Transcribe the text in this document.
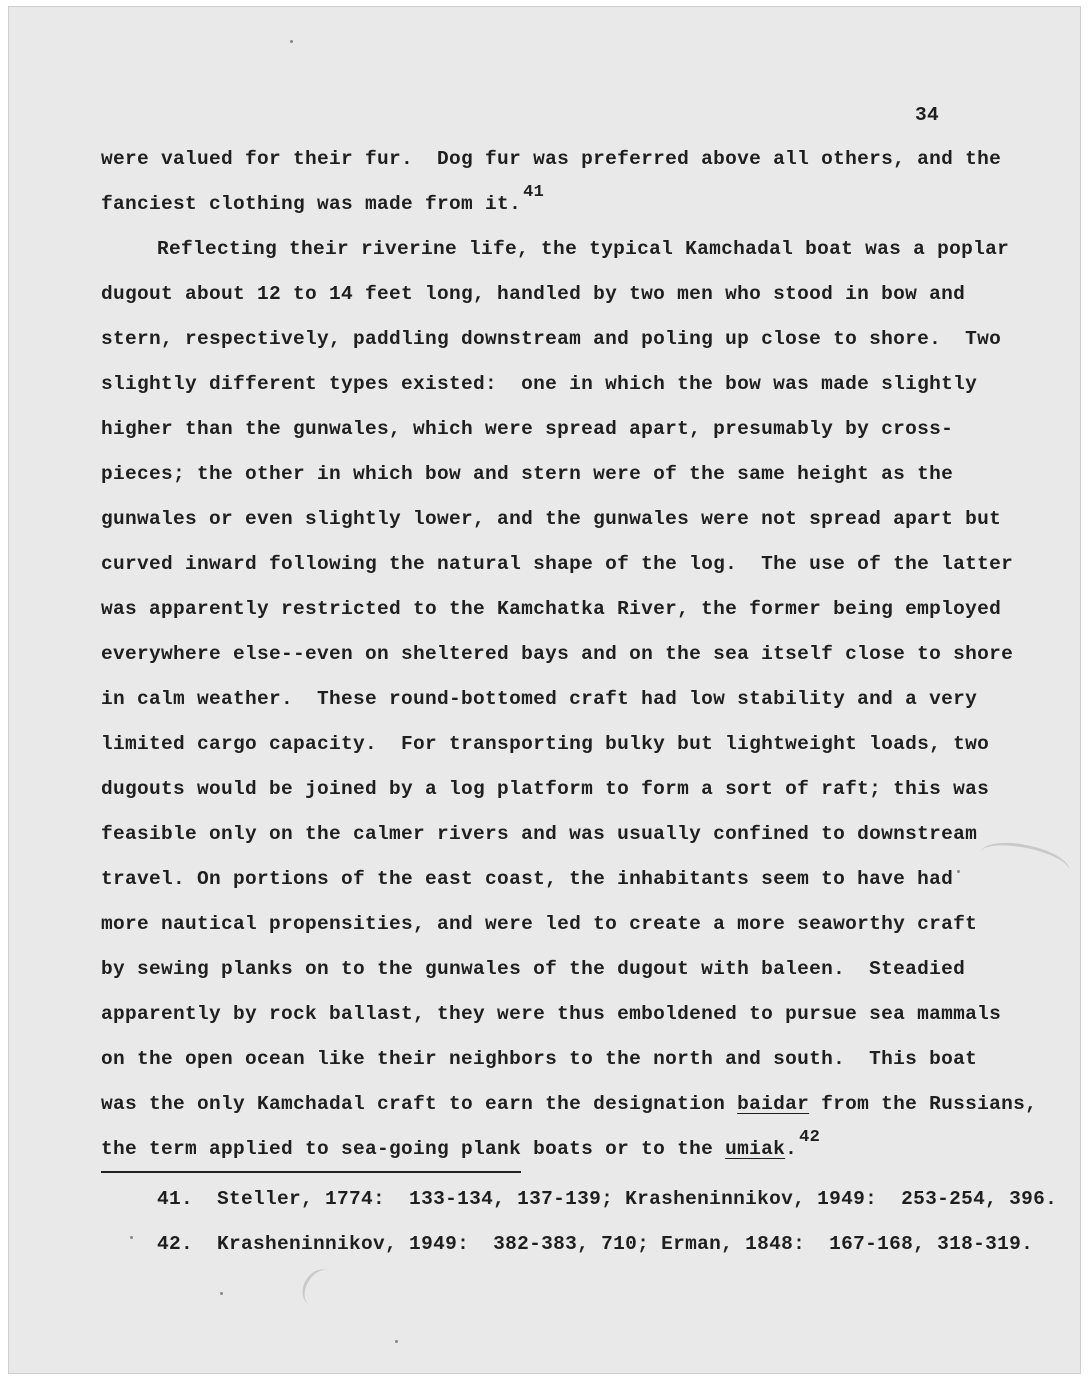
34
were valued for their fur.  Dog fur was preferred above all others, and the
fanciest clothing was made from it.$^{41}$
Reflecting their riverine life, the typical Kamchadal boat was a poplar
dugout about 12 to 14 feet long, handled by two men who stood in bow and
stern, respectively, paddling downstream and poling up close to shore.  Two
slightly different types existed:  one in which the bow was made slightly
higher than the gunwales, which were spread apart, presumably by cross-
pieces; the other in which bow and stern were of the same height as the
gunwales or even slightly lower, and the gunwales were not spread apart but
curved inward following the natural shape of the log.  The use of the latter
was apparently restricted to the Kamchatka River, the former being employed
everywhere else--even on sheltered bays and on the sea itself close to shore
in calm weather.  These round-bottomed craft had low stability and a very
limited cargo capacity.  For transporting bulky but lightweight loads, two
dugouts would be joined by a log platform to form a sort of raft; this was
feasible only on the calmer rivers and was usually confined to downstream
travel. On portions of the east coast, the inhabitants seem to have had
more nautical propensities, and were led to create a more seaworthy craft
by sewing planks on to the gunwales of the dugout with baleen.  Steadied
apparently by rock ballast, they were thus emboldened to pursue sea mammals
on the open ocean like their neighbors to the north and south.  This boat
was the only Kamchadal craft to earn the designation baidar from the Russians,
the term applied to sea-going plank boats or to the umiak.$^{42}$
41. Steller, 1774:  133-134, 137-139; Krasheninnikov, 1949:  253-254, 396.
42. Krasheninnikov, 1949:  382-383, 710; Erman, 1848:  167-168, 318-319.
